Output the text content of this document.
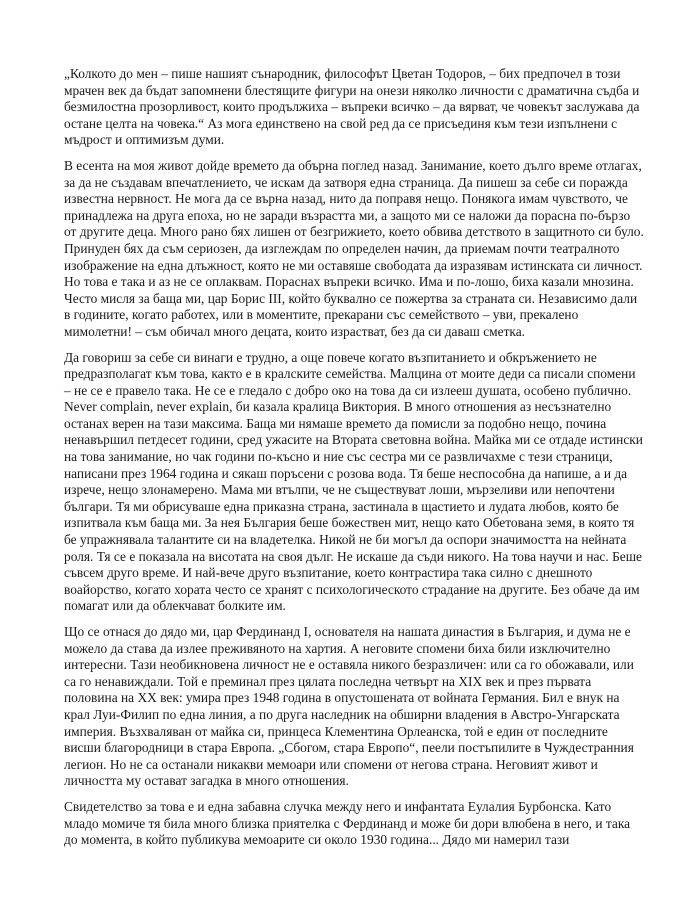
„Колкото до мен – пише нашият сънародник, философът Цветан Тодоров, – бих предпочел в този мрачен век да бъдат запомнени блестящите фигури на онези няколко личности с драматична съдба и безмилостна прозорливост, които продължиха – въпреки всичко – да вярват, че човекът заслужава да остане целта на човека.“ Аз мога единствено на свой ред да се присъединя към тези изпълнени с мъдрост и оптимизъм думи.

В есента на моя живот дойде времето да обърна поглед назад. Занимание, което дълго време отлагах, за да не създавам впечатлението, че искам да затворя една страница. Да пишеш за себе си поражда известна нервност. Не мога да се върна назад, нито да поправя нещо. Понякога имам чувството, че принадлежа на друга епоха, но не заради възрастта ми, а защото ми се наложи да порасна по-бързо от другите деца. Много рано бях лишен от безгрижието, което обвива детството в защитното си було. Принуден бях да съм сериозен, да изглеждам по определен начин, да приемам почти театралното изображение на една длъжност, която не ми оставяше свободата да изразявам истинската си личност. Но това е така и аз не се оплаквам. Пораснах въпреки всичко. Има и по-лошо, биха казали мнозина. Често мисля за баща ми, цар Борис III, който буквално се пожертва за страната си. Независимо дали в годините, когато работех, или в моментите, прекарани със семейството – уви, прекалено мимолетни! – съм обичал много децата, които израстват, без да си даваш сметка.

Да говориш за себе си винаги е трудно, а още повече когато възпитанието и обкръжението не предразполагат към това, както е в кралските семейства. Малцина от моите деди са писали спомени – не се е правело така. Не се е гледало с добро око на това да си излееш душата, особено публично. Never complain, never explain, би казала кралица Виктория. В много отношения аз несъзнателно останах верен на тази максима. Баща ми нямаше времето да помисли за подобно нещо, почина ненавършил петдесет години, сред ужасите на Втората световна война. Майка ми се отдаде истински на това занимание, но чак години по-късно и ние със сестра ми се развличахме с тези страници, написани през 1964 година и сякаш поръсени с розова вода. Тя беше неспособна да напише, а и да изрече, нещо злонамерено. Мама ми втълпи, че не съществуват лоши, мързеливи или непочтени българи. Тя ми обрисуваше една приказна страна, застинала в щастието и лудата любов, която бе изпитвала към баща ми. За нея България беше божествен мит, нещо като Обетована земя, в която тя бе упражнявала талантите си на владетелка. Никой не би могъл да оспори значимостта на нейната роля. Тя се е показала на висотата на своя дълг. Не искаше да съди никого. На това научи и нас. Беше съвсем друго време. И най-вече друго възпитание, което контрастира така силно с днешното воайорство, когато хората често се хранят с психологическото страдание на другите. Без обаче да им помагат или да облекчават болките им.

Що се отнася до дядо ми, цар Фердинанд I, основателя на нашата династия в България, и дума не е можело да става да излее преживяното на хартия. А неговите спомени биха били изключително интересни. Тази необикновена личност не е оставяла никого безразличен: или са го обожавали, или са го ненавиждали. Той е преминал през цялата последна четвърт на XIX век и през първата половина на XX век: умира през 1948 година в опустошената от войната Германия. Бил е внук на крал Луи-Филип по една линия, а по друга наследник на обширни владения в Австро-Унгарската империя. Възхваляван от майка си, принцеса Клементина Орлеанска, той е един от последните висши благородници в стара Европа. „Сбогом, стара Европо“, пеели постъпилите в Чуждестранния легион. Но не са останали никакви мемоари или спомени от негова страна. Неговият живот и личността му остават загадка в много отношения.

Свидетелство за това е и една забавна случка между него и инфантата Еулалия Бурбонска. Като младо момиче тя била много близка приятелка с Фердинанд и може би дори влюбена в него, и така до момента, в който публикува мемоарите си около 1930 година... Дядо ми намерил тази
